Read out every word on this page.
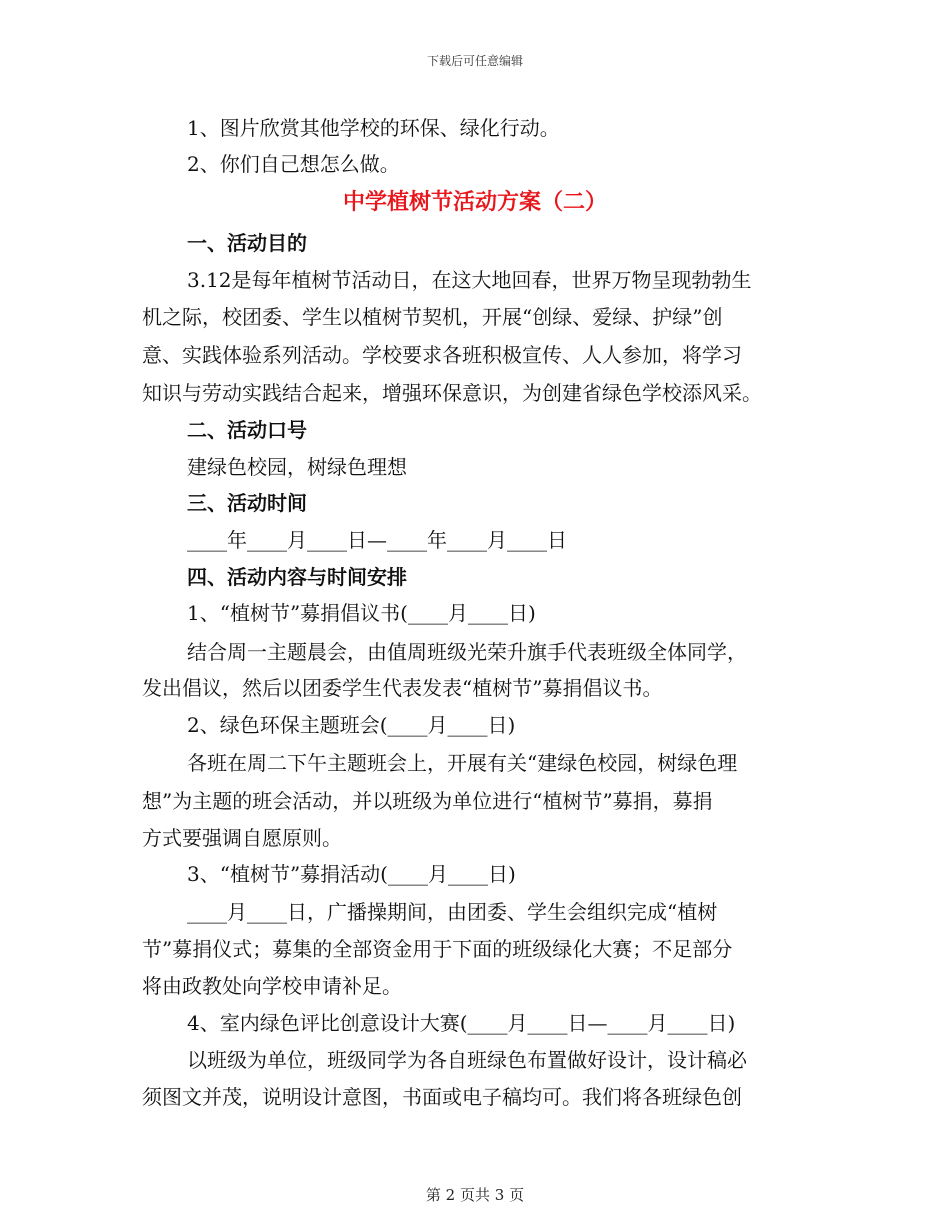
下载后可任意编辑
1、图片欣赏其他学校的环保、绿化行动。
2、你们自己想怎么做。
中学植树节活动方案（二）
一、活动目的
3.12是每年植树节活动日，在这大地回春，世界万物呈现勃勃生
机之际，校团委、学生以植树节契机，开展“创绿、爱绿、护绿”创
意、实践体验系列活动。学校要求各班积极宣传、人人参加，将学习
知识与劳动实践结合起来，增强环保意识，为创建省绿色学校添风采。
二、活动口号
建绿色校园，树绿色理想
三、活动时间
____年____月____日—____年____月____日
四、活动内容与时间安排
1、“植树节”募捐倡议书(____月____日)
结合周一主题晨会，由值周班级光荣升旗手代表班级全体同学，
发出倡议，然后以团委学生代表发表“植树节”募捐倡议书。
2、绿色环保主题班会(____月____日)
各班在周二下午主题班会上，开展有关“建绿色校园，树绿色理
想”为主题的班会活动，并以班级为单位进行“植树节”募捐，募捐
方式要强调自愿原则。
3、“植树节”募捐活动(____月____日)
____月____日，广播操期间，由团委、学生会组织完成“植树
节”募捐仪式；募集的全部资金用于下面的班级绿化大赛；不足部分
将由政教处向学校申请补足。
4、室内绿色评比创意设计大赛(____月____日—____月____日)
以班级为单位，班级同学为各自班绿色布置做好设计，设计稿必
须图文并茂，说明设计意图，书面或电子稿均可。我们将各班绿色创
第 2 页共 3 页
